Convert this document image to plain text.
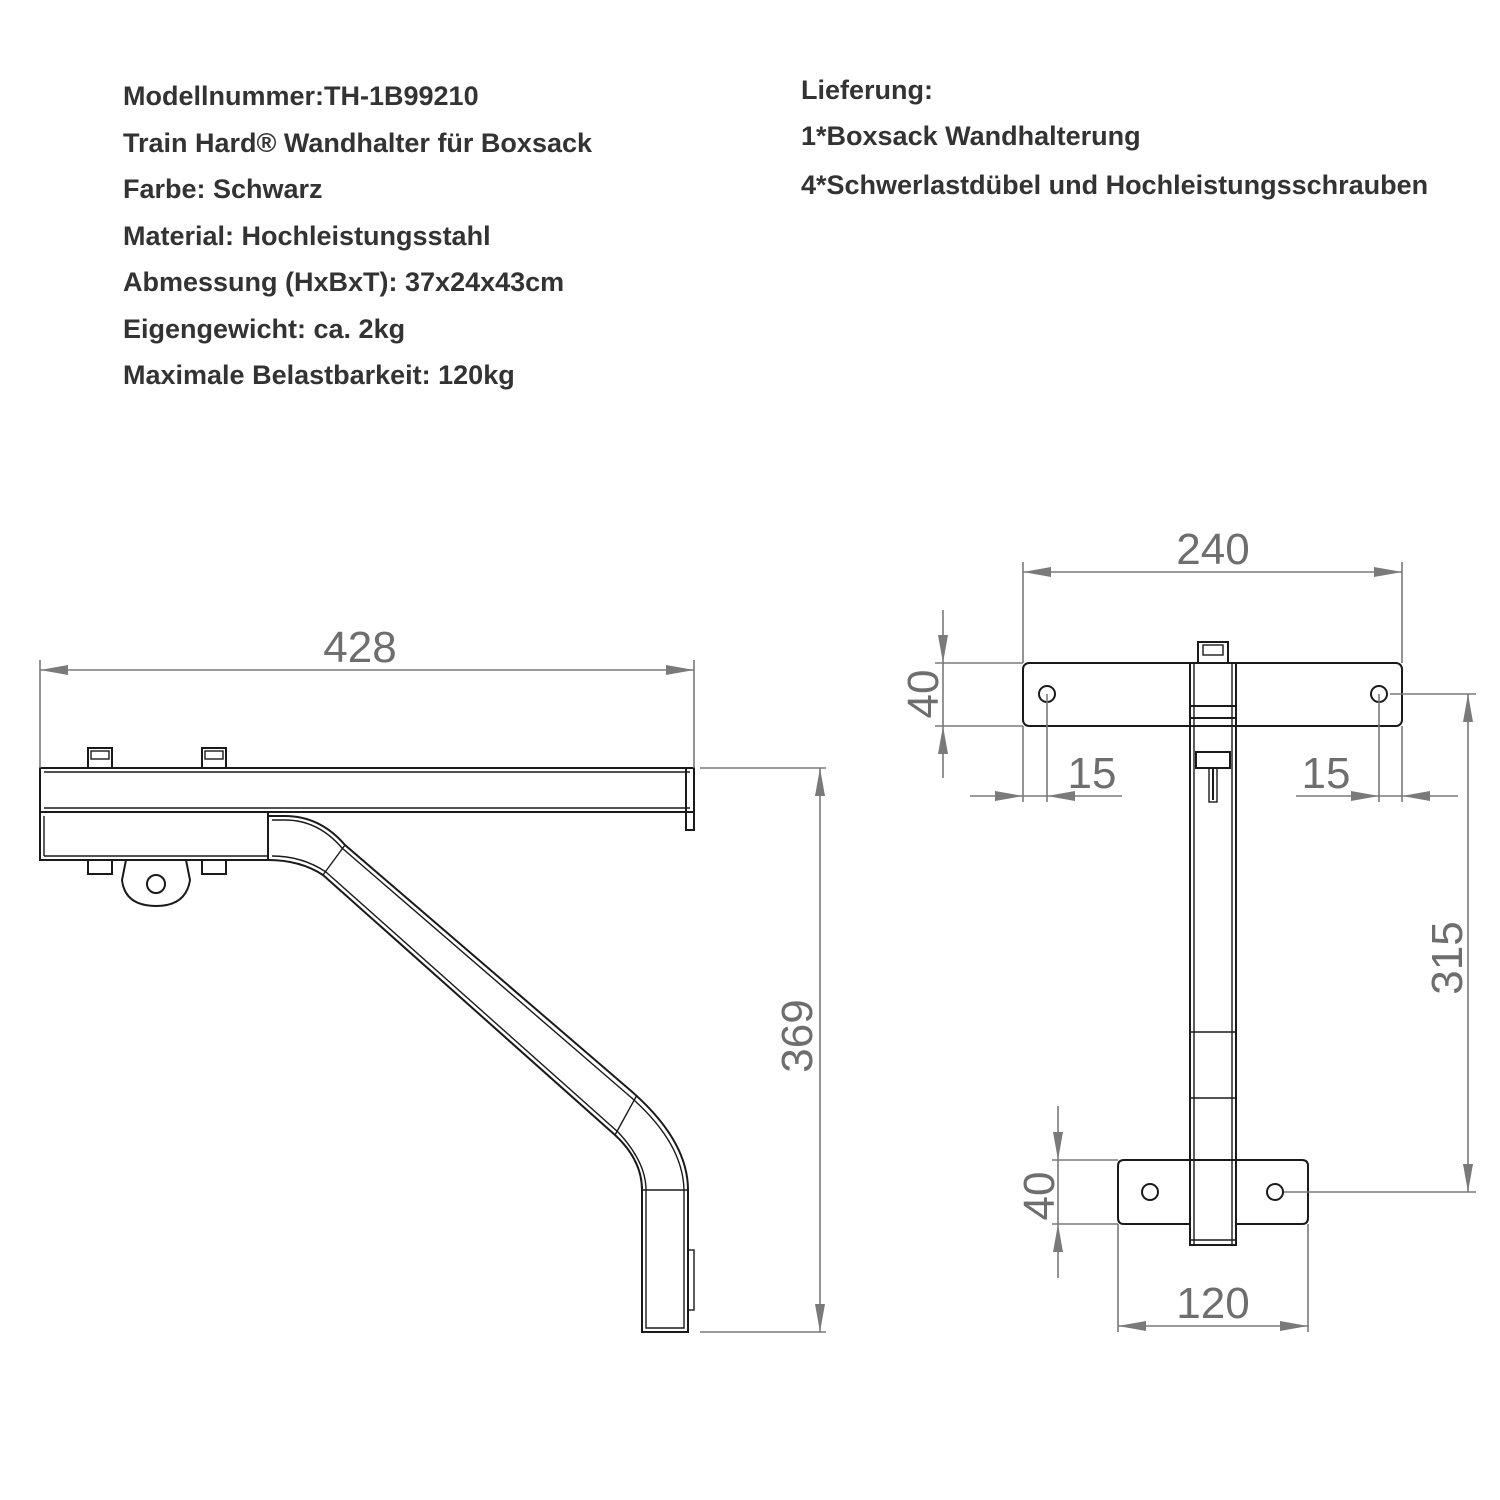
Modellnummer:TH-1B99210
Train Hard® Wandhalter für Boxsack
Farbe: Schwarz
Material: Hochleistungsstahl
Abmessung (HxBxT): 37x24x43cm
Eigengewicht: ca. 2kg
Maximale Belastbarkeit: 120kg
Lieferung:
1*Boxsack Wandhalterung
4*Schwerlastdübel und Hochleistungsschrauben
428
369
240
40
15	15
315
40
120
